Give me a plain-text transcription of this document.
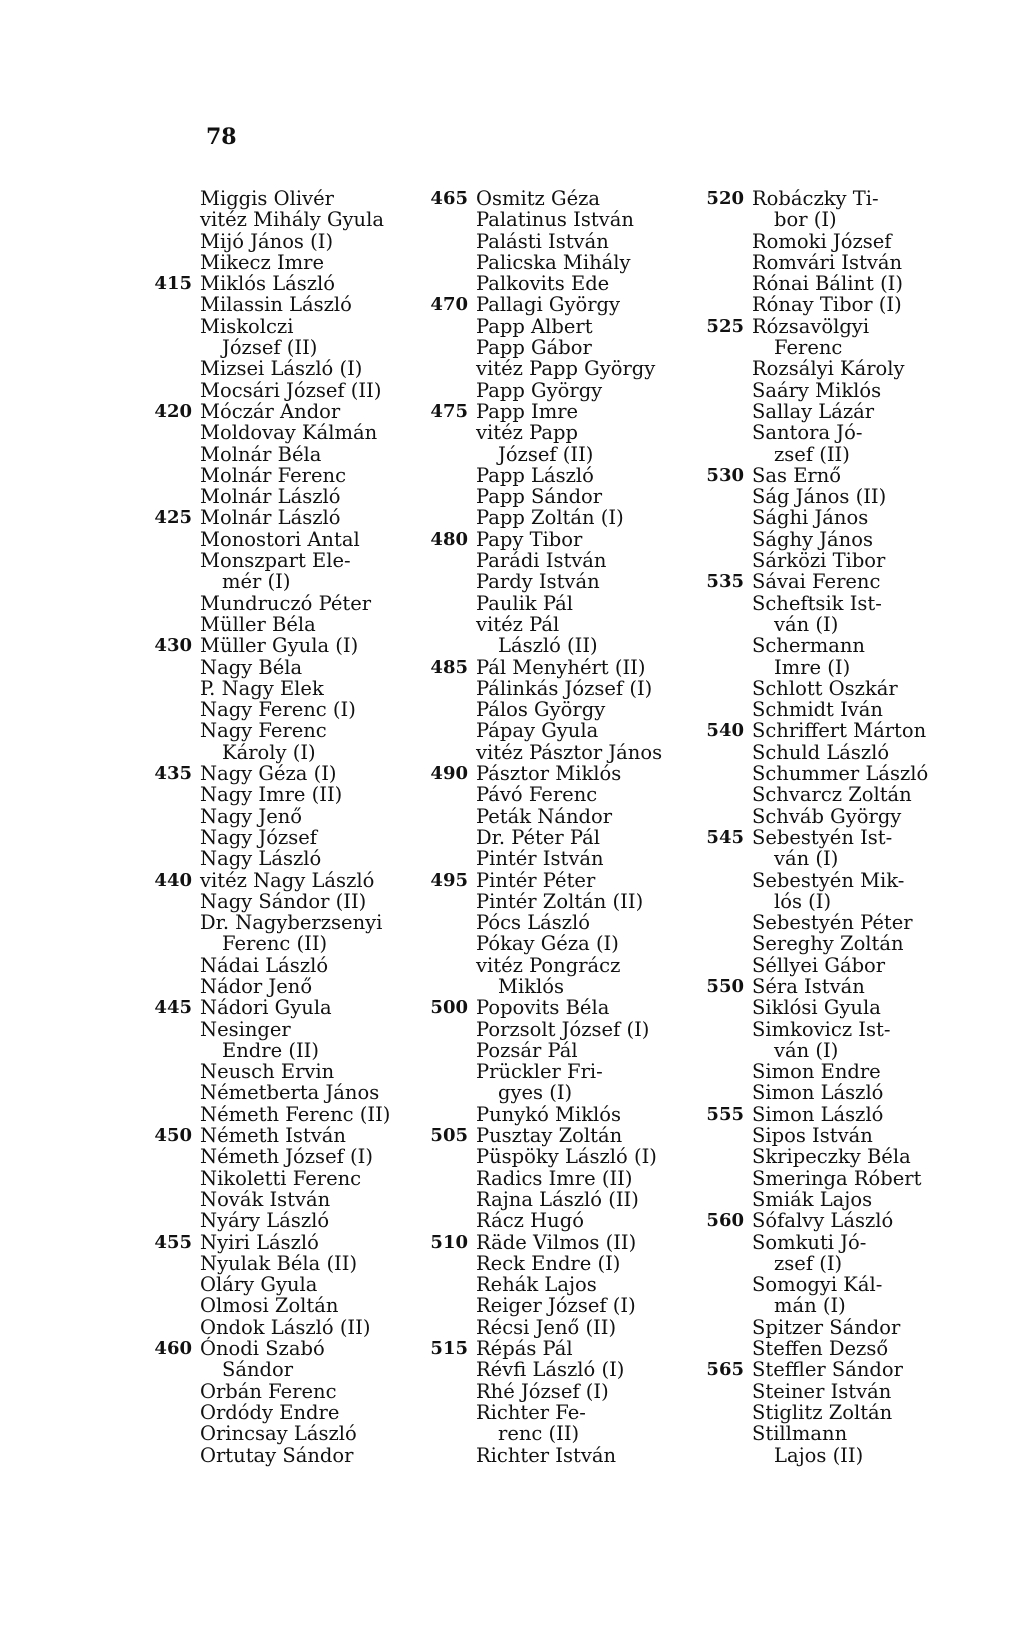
78
Miggis Olivér
vitéz Mihály Gyula
Mijó János (I)
Mikecz Imre
415 Miklós László
Milassin László
Miskolczi
József (II)
Mizsei László (I)
Mocsári József (II)
420 Móczár Andor
Moldovay Kálmán
Molnár Béla
Molnár Ferenc
Molnár László
425 Molnár László
Monostori Antal
Monszpart Ele-
mér (I)
Mundruczó Péter
Müller Béla
430 Müller Gyula (I)
Nagy Béla
P. Nagy Elek
Nagy Ferenc (I)
Nagy Ferenc
Károly (I)
435 Nagy Géza (I)
Nagy Imre (II)
Nagy Jenő
Nagy József
Nagy László
440 vitéz Nagy László
Nagy Sándor (II)
Dr. Nagyberzsenyi
Ferenc (II)
Nádai László
Nádor Jenő
445 Nádori Gyula
Nesinger
Endre (II)
Neusch Ervin
Németberta János
Németh Ferenc (II)
450 Németh István
Németh József (I)
Nikoletti Ferenc
Novák István
Nyáry László
455 Nyiri László
Nyulak Béla (II)
Oláry Gyula
Olmosi Zoltán
Ondok László (II)
460 Ónodi Szabó
Sándor
Orbán Ferenc
Ordódy Endre
Orincsay László
Ortutay Sándor
465 Osmitz Géza
Palatinus István
Palásti István
Palicska Mihály
Palkovits Ede
470 Pallagi György
Papp Albert
Papp Gábor
vitéz Papp György
Papp György
475 Papp Imre
vitéz Papp
József (II)
Papp László
Papp Sándor
Papp Zoltán (I)
480 Papy Tibor
Parádi István
Pardy István
Paulik Pál
vitéz Pál
László (II)
485 Pál Menyhért (II)
Pálinkás József (I)
Pálos György
Pápay Gyula
vitéz Pásztor János
490 Pásztor Miklós
Pávó Ferenc
Peták Nándor
Dr. Péter Pál
Pintér István
495 Pintér Péter
Pintér Zoltán (II)
Pócs László
Pókay Géza (I)
vitéz Pongrácz
Miklós
500 Popovits Béla
Porzsolt József (I)
Pozsár Pál
Prückler Fri-
gyes (I)
Punykó Miklós
505 Pusztay Zoltán
Püspöky László (I)
Radics Imre (II)
Rajna László (II)
Rácz Hugó
510 Räde Vilmos (II)
Reck Endre (I)
Rehák Lajos
Reiger József (I)
Récsi Jenő (II)
515 Répás Pál
Révfi László (I)
Rhé József (I)
Richter Fe-
renc (II)
Richter István
520 Robáczky Ti-
bor (I)
Romoki József
Romvári István
Rónai Bálint (I)
Rónay Tibor (I)
525 Rózsavölgyi
Ferenc
Rozsályi Károly
Saáry Miklós
Sallay Lázár
Santora Jó-
zsef (II)
530 Sas Ernő
Ság János (II)
Sághi János
Sághy János
Sárközi Tibor
535 Sávai Ferenc
Scheftsik Ist-
ván (I)
Schermann
Imre (I)
Schlott Oszkár
Schmidt Iván
540 Schriffert Márton
Schuld László
Schummer László
Schvarcz Zoltán
Schváb György
545 Sebestyén Ist-
ván (I)
Sebestyén Mik-
lós (I)
Sebestyén Péter
Sereghy Zoltán
Séllyei Gábor
550 Séra István
Siklósi Gyula
Simkovicz Ist-
ván (I)
Simon Endre
Simon László
555 Simon László
Sipos István
Skripeczky Béla
Smeringa Róbert
Smiák Lajos
560 Sófalvy László
Somkuti Jó-
zsef (I)
Somogyi Kál-
mán (I)
Spitzer Sándor
Steffen Dezső
565 Steffler Sándor
Steiner István
Stiglitz Zoltán
Stillmann
Lajos (II)
